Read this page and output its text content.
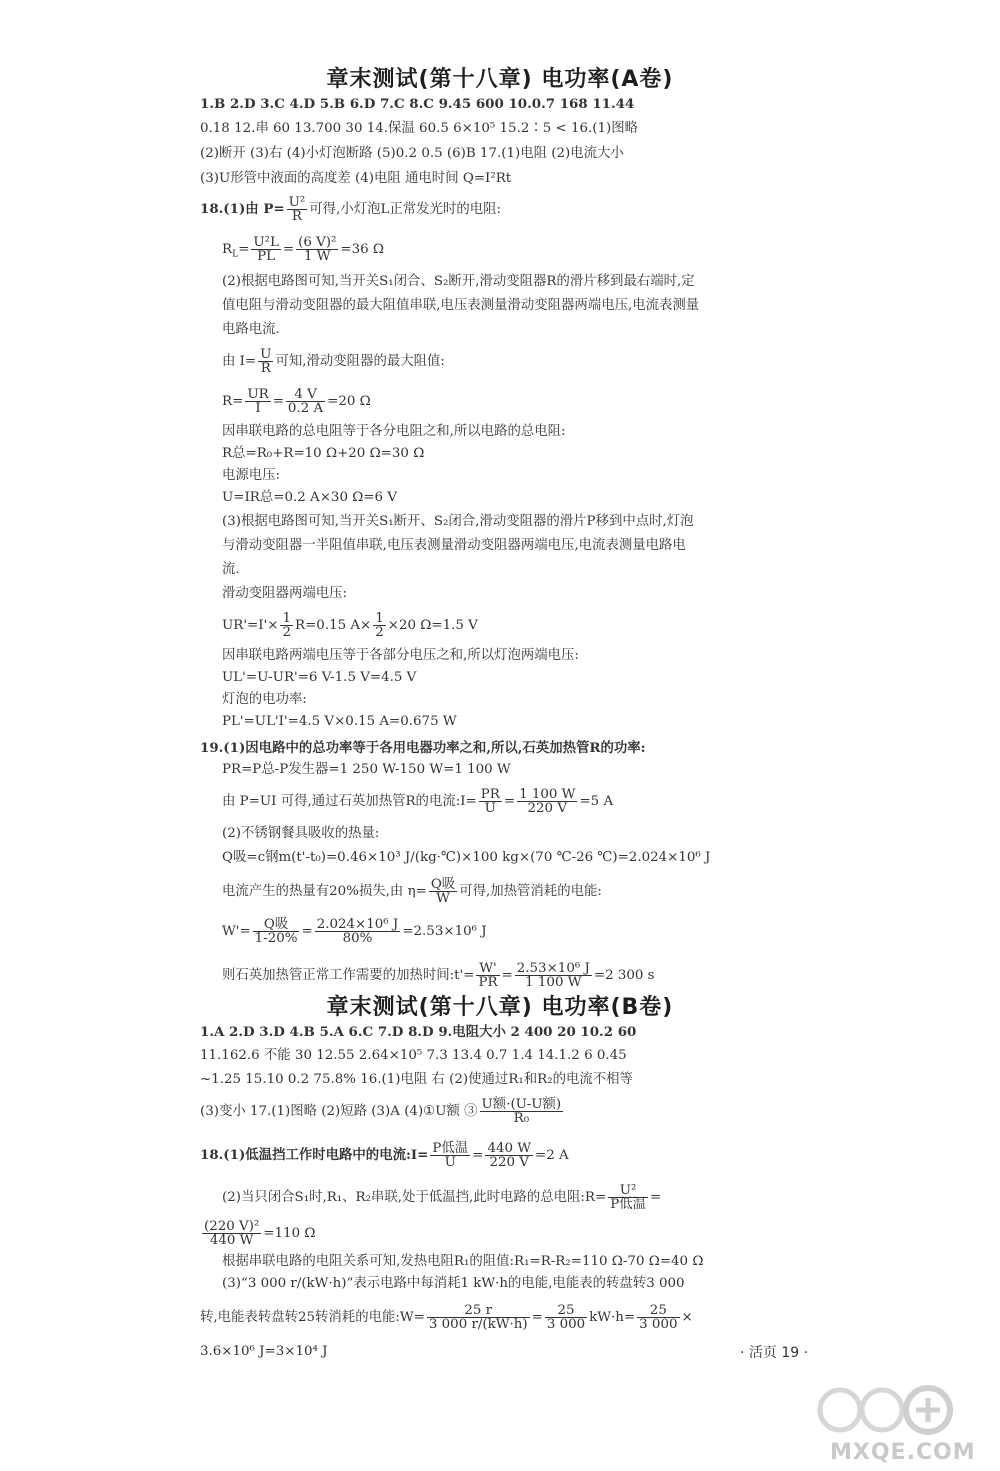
章末测试(第十八章) 电功率(A卷)
1.B 2.D 3.C 4.D 5.B 6.D 7.C 8.C 9.45 600 10.0.7 168 11.44
0.18 12.串 60 13.700 30 14.保温 60.5 6×10⁵ 15.2∶5 < 16.(1)图略
(2)断开 (3)右 (4)小灯泡断路 (5)0.2 0.5 (6)B 17.(1)电阻 (2)电流大小
(3)U形管中液面的高度差 (4)电阻 通电时间 Q=I²Rt
18.(1)由 $P= \frac{\text{U²}}{R}$ 可得,小灯泡L正常发光时的电阻:
$R_L= \frac{\text{U²L}}{PL} = \frac{\text{(6 V)²}}{1 W} =36$ Ω
(2)根据电路图可知,当开关S₁闭合、S₂断开,滑动变阻器R的滑片移到最右端时,定
值电阻与滑动变阻器的最大阻值串联,电压表测量滑动变阻器两端电压,电流表测量
电路电流.
由 $I= \frac{U}{R}$ 可知,滑动变阻器的最大阻值:
$R= \frac{UR}{I} = \frac{4 V}{0.2 A} =20$ Ω
因串联电路的总电阻等于各分电阻之和,所以电路的总电阻:
R总=R₀+R=10 Ω+20 Ω=30 Ω
电源电压:
U=IR总=0.2 A×30 Ω=6 V
(3)根据电路图可知,当开关S₁断开、S₂闭合,滑动变阻器的滑片P移到中点时,灯泡
与滑动变阻器一半阻值串联,电压表测量滑动变阻器两端电压,电流表测量电路电
流.
滑动变阻器两端电压:
$UR'=I'\times \frac{1}{2} R=0.15$ $A\times \frac{1}{2} \times 20$ Ω=1.5 V
因串联电路两端电压等于各部分电压之和,所以灯泡两端电压:
UL'=U-UR'=6 V-1.5 V=4.5 V
灯泡的电功率:
PL'=UL'I'=4.5 V×0.15 A=0.675 W
19.(1)因电路中的总功率等于各用电器功率之和,所以,石英加热管R的功率:
PR=P总-P发生器=1 250 W-150 W=1 100 W
由 P=UI 可得,通过石英加热管R的电流:I= $\frac{PR}{U} = \frac{1 100 W}{220 V} =5$ A
(2)不锈钢餐具吸收的热量:
Q吸=c钢m(t'-t₀)=0.46×10³ J/(kg·℃)×100 kg×(70 ℃-26 ℃)=2.024×10⁶ J
电流产生的热量有20%损失,由 $\eta= \frac{\text{Q吸}}{W}$ 可得,加热管消耗的电能:
$W'= \frac{\text{Q吸}}{1-20\%} = \frac{\text{2.024×10⁶ J}}{80\%} =2.53\times 10^6$ J
则石英加热管正常工作需要的加热时间:t'= $\frac{W'}{PR} = \frac{\text{2.53×10⁶ J}}{1 100 W} =2$ 300 s
章末测试(第十八章) 电功率(B卷)
1.A 2.D 3.D 4.B 5.A 6.C 7.D 8.D 9.电阻大小 2 400 20 10.2 60
11.162.6 不能 30 12.55 2.64×10⁵ 7.3 13.4 0.7 1.4 14.1.2 6 0.45
~1.25 15.10 0.2 75.8% 16.(1)电阻 右 (2)使通过R₁和R₂的电流不相等
(3)变小 17.(1)图略 (2)短路 (3)A (4)①U额 ③ $\frac{\text{U额·(U-U额)}}{\text{R₀}}$
18.(1)低温挡工作时电路中的电流:I= $\frac{\text{P低温}}{U} = \frac{440 W}{220 V} =2$ A
(2)当只闭合S₁时,R₁、R₂串联,处于低温挡,此时电路的总电阻:R= $\frac{\text{U²}}{\text{P低温}}$ =
$\frac{\text{(220 V)²}}{440 W} =110$ Ω
根据串联电路的电阻关系可知,发热电阻R₁的阻值:R₁=R-R₂=110 Ω-70 Ω=40 Ω
(3)“3 000 r/(kW·h)”表示电路中每消耗1 kW·h的电能,电能表的转盘转3 000
转,电能表转盘转25转消耗的电能:W= $\frac{25 r}{3 000 r/(kW\cdot h)} = \frac{25}{3 000} kW\cdot h= \frac{25}{3 000}$ ×
3.6×10⁶ J=3×10⁴ J	· 活页 19 ·
MXQE.COM
